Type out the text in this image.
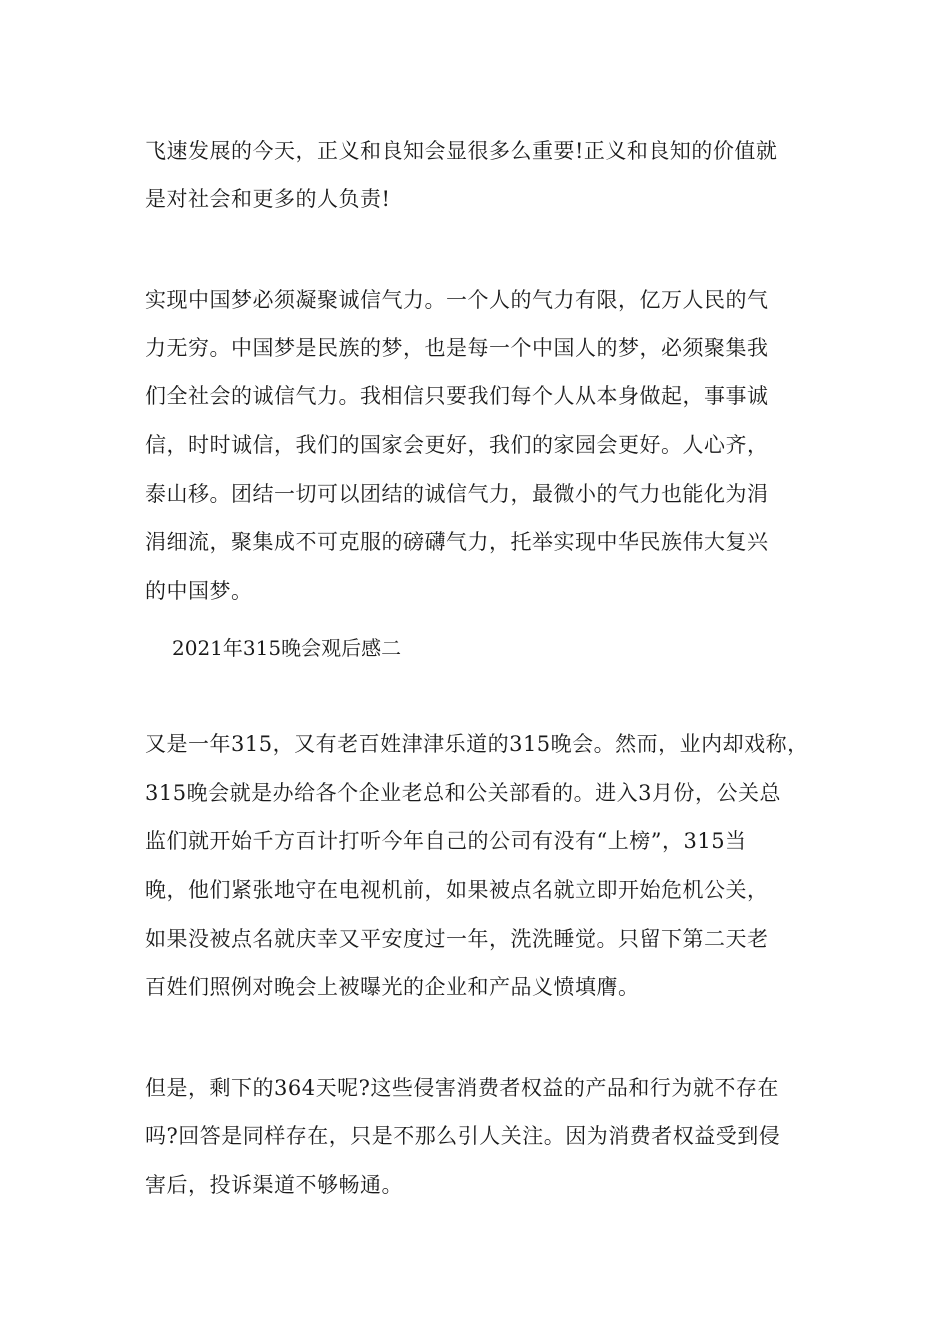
飞速发展的今天，正义和良知会显很多么重要!正义和良知的价值就
是对社会和更多的人负责!
实现中国梦必须凝聚诚信气力。一个人的气力有限，亿万人民的气
力无穷。中国梦是民族的梦，也是每一个中国人的梦，必须聚集我
们全社会的诚信气力。我相信只要我们每个人从本身做起，事事诚
信，时时诚信，我们的国家会更好，我们的家园会更好。人心齐，
泰山移。团结一切可以团结的诚信气力，最微小的气力也能化为涓
涓细流，聚集成不可克服的磅礴气力，托举实现中华民族伟大复兴
的中国梦。
2021年315晚会观后感二
又是一年315，又有老百姓津津乐道的315晚会。然而，业内却戏称，
315晚会就是办给各个企业老总和公关部看的。进入3月份，公关总
监们就开始千方百计打听今年自己的公司有没有“上榜”，315当
晚，他们紧张地守在电视机前，如果被点名就立即开始危机公关，
如果没被点名就庆幸又平安度过一年，洗洗睡觉。只留下第二天老
百姓们照例对晚会上被曝光的企业和产品义愤填膺。
但是，剩下的364天呢?这些侵害消费者权益的产品和行为就不存在
吗?回答是同样存在，只是不那么引人关注。因为消费者权益受到侵
害后，投诉渠道不够畅通。
